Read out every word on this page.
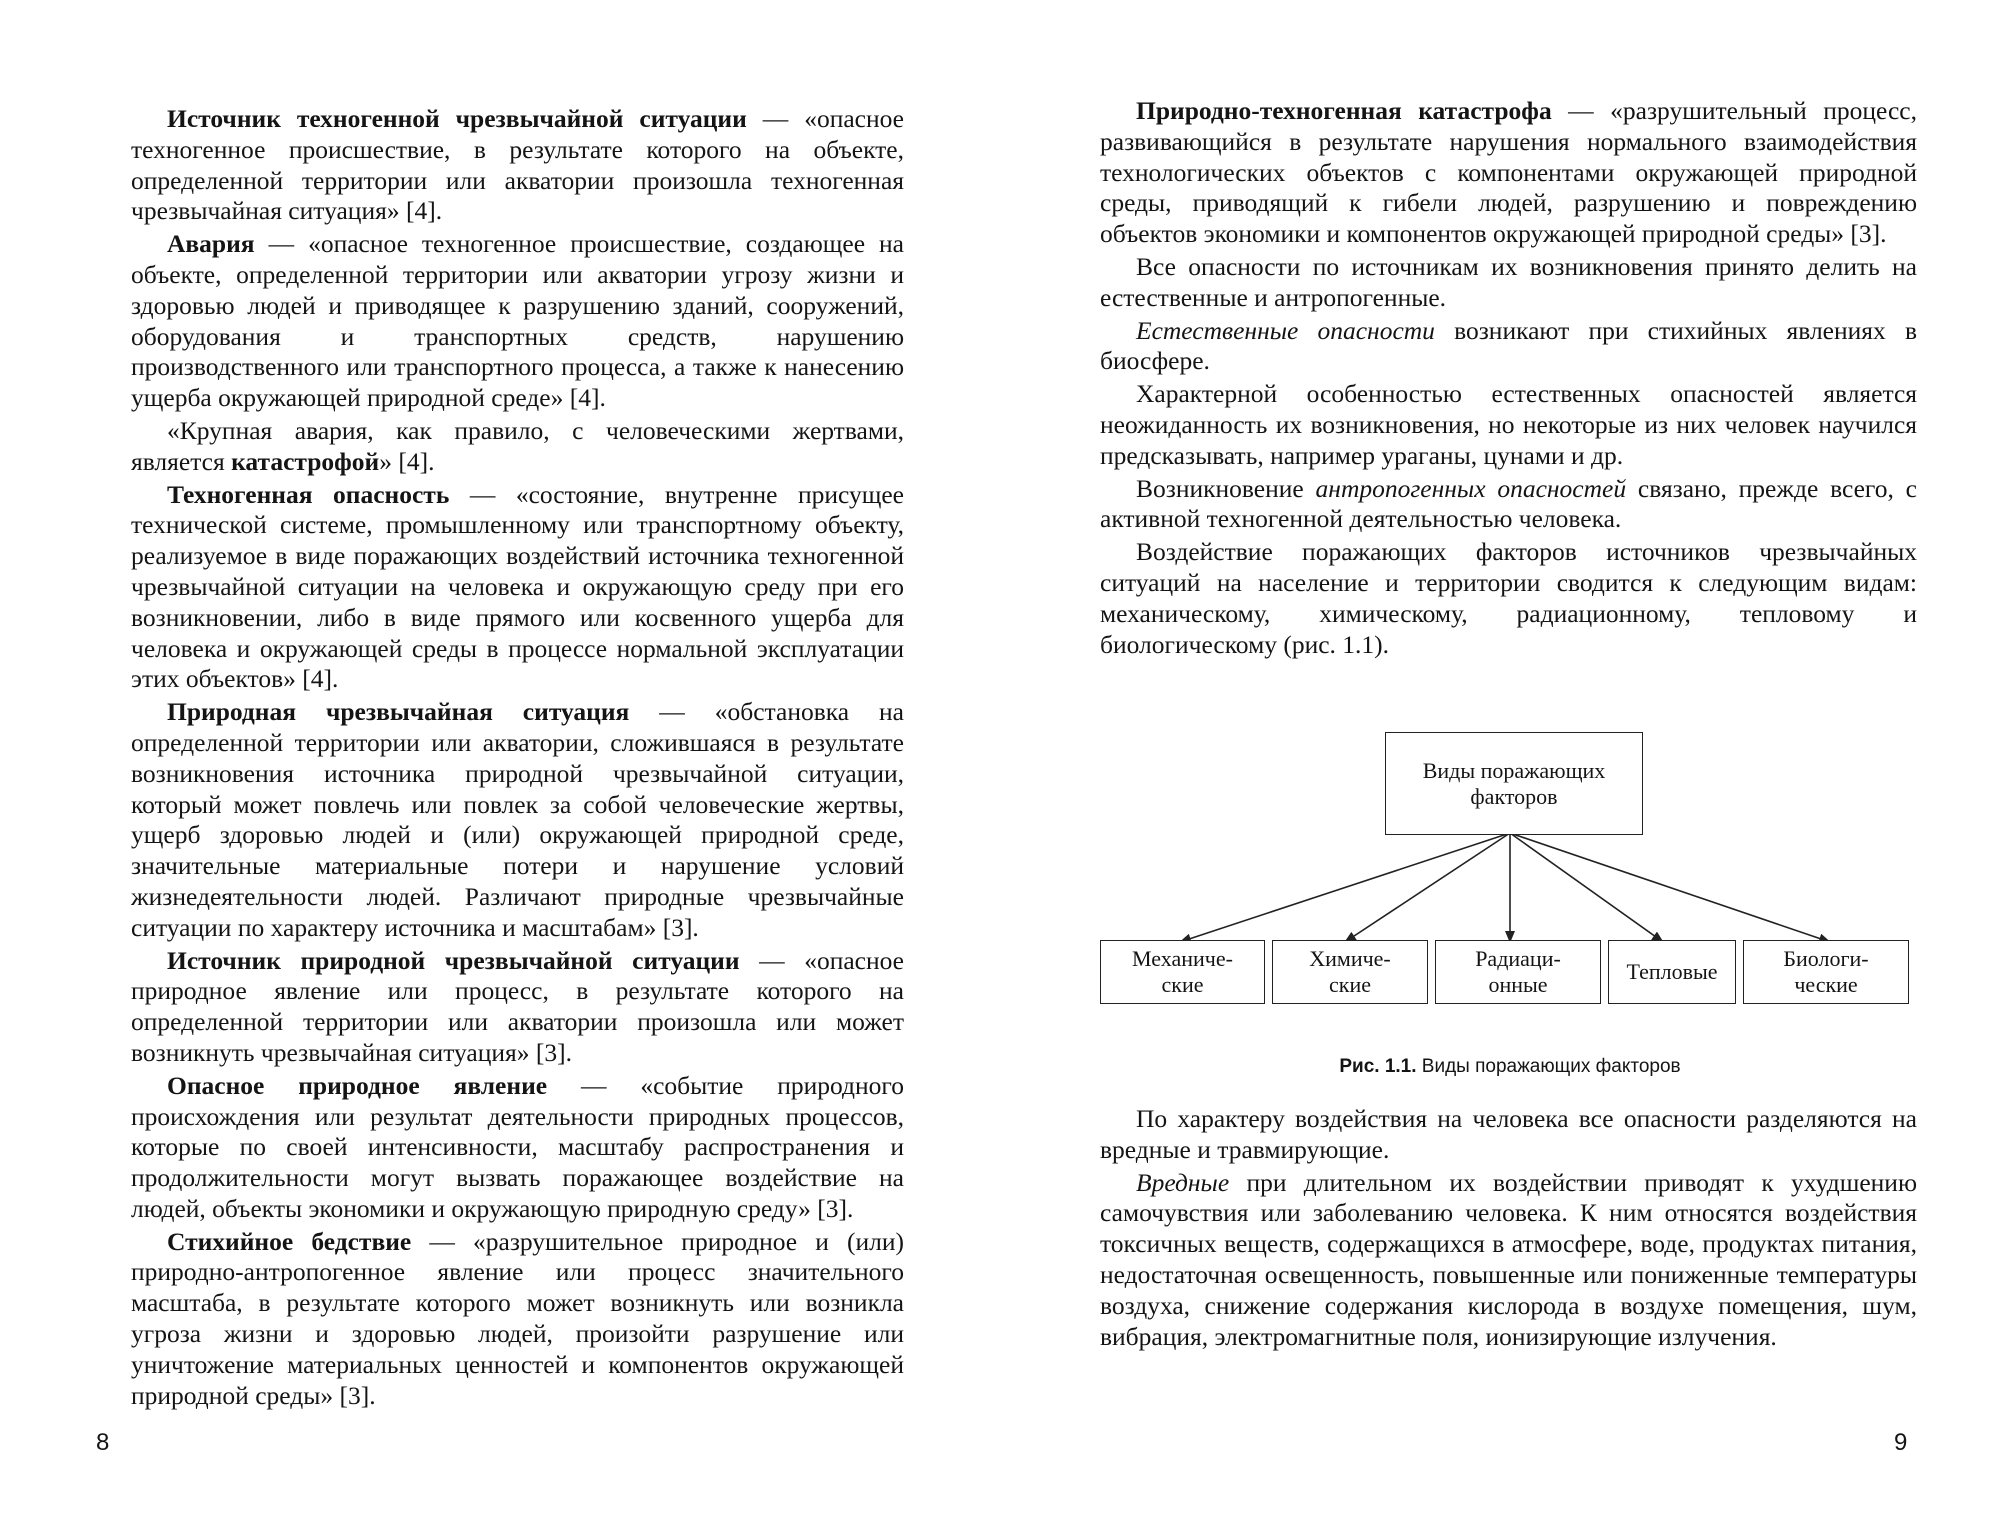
Источник техногенной чрезвычайной ситуации — «опасное техногенное происшествие, в результате которого на объекте, определенной территории или акватории произошла техногенная чрезвычайная ситуация» [4].

Авария — «опасное техногенное происшествие, создающее на объекте, определенной территории или акватории угрозу жизни и здоровью людей и приводящее к разрушению зданий, сооружений, оборудования и транспортных средств, нарушению производственного или транспортного процесса, а также к нанесению ущерба окружающей природной среде» [4].

«Крупная авария, как правило, с человеческими жертвами, является катастрофой» [4].

Техногенная опасность — «состояние, внутренне присущее технической системе, промышленному или транспортному объекту, реализуемое в виде поражающих воздействий источника техногенной чрезвычайной ситуации на человека и окружающую среду при его возникновении, либо в виде прямого или косвенного ущерба для человека и окружающей среды в процессе нормальной эксплуатации этих объектов» [4].

Природная чрезвычайная ситуация — «обстановка на определенной территории или акватории, сложившаяся в результате возникновения источника природной чрезвычайной ситуации, который может повлечь или повлек за собой человеческие жертвы, ущерб здоровью людей и (или) окружающей природной среде, значительные материальные потери и нарушение условий жизнедеятельности людей. Различают природные чрезвычайные ситуации по характеру источника и масштабам» [3].

Источник природной чрезвычайной ситуации — «опасное природное явление или процесс, в результате которого на определенной территории или акватории произошла или может возникнуть чрезвычайная ситуация» [3].

Опасное природное явление — «событие природного происхождения или результат деятельности природных процессов, которые по своей интенсивности, масштабу распространения и продолжительности могут вызвать поражающее воздействие на людей, объекты экономики и окружающую природную среду» [3].

Стихийное бедствие — «разрушительное природное и (или) природно-антропогенное явление или процесс значительного масштаба, в результате которого может возникнуть или возникла угроза жизни и здоровью людей, произойти разрушение или уничтожение материальных ценностей и компонентов окружающей природной среды» [3].

8

Природно-техногенная катастрофа — «разрушительный процесс, развивающийся в результате нарушения нормального взаимодействия технологических объектов с компонентами окружающей природной среды, приводящий к гибели людей, разрушению и повреждению объектов экономики и компонентов окружающей природной среды» [3].

Все опасности по источникам их возникновения принято делить на естественные и антропогенные.

Естественные опасности возникают при стихийных явлениях в биосфере.

Характерной особенностью естественных опасностей является неожиданность их возникновения, но некоторые из них человек научился предсказывать, например ураганы, цунами и др.

Возникновение антропогенных опасностей связано, прежде всего, с активной техногенной деятельностью человека.

Воздействие поражающих факторов источников чрезвычайных ситуаций на население и территории сводится к следующим видам: механическому, химическому, радиационному, тепловому и биологическому (рис. 1.1).

Виды поражающих
факторов
Механиче-
ские
Химиче-
ские
Радиаци-
онные
Тепловые
Биологи-
ческие
Рис. 1.1. Виды поражающих факторов

По характеру воздействия на человека все опасности разделяются на вредные и травмирующие.

Вредные при длительном их воздействии приводят к ухудшению самочувствия или заболеванию человека. К ним относятся воздействия токсичных веществ, содержащихся в атмосфере, воде, продуктах питания, недостаточная освещенность, повышенные или пониженные температуры воздуха, снижение содержания кислорода в воздухе помещения, шум, вибрация, электромагнитные поля, ионизирующие излучения.

9
